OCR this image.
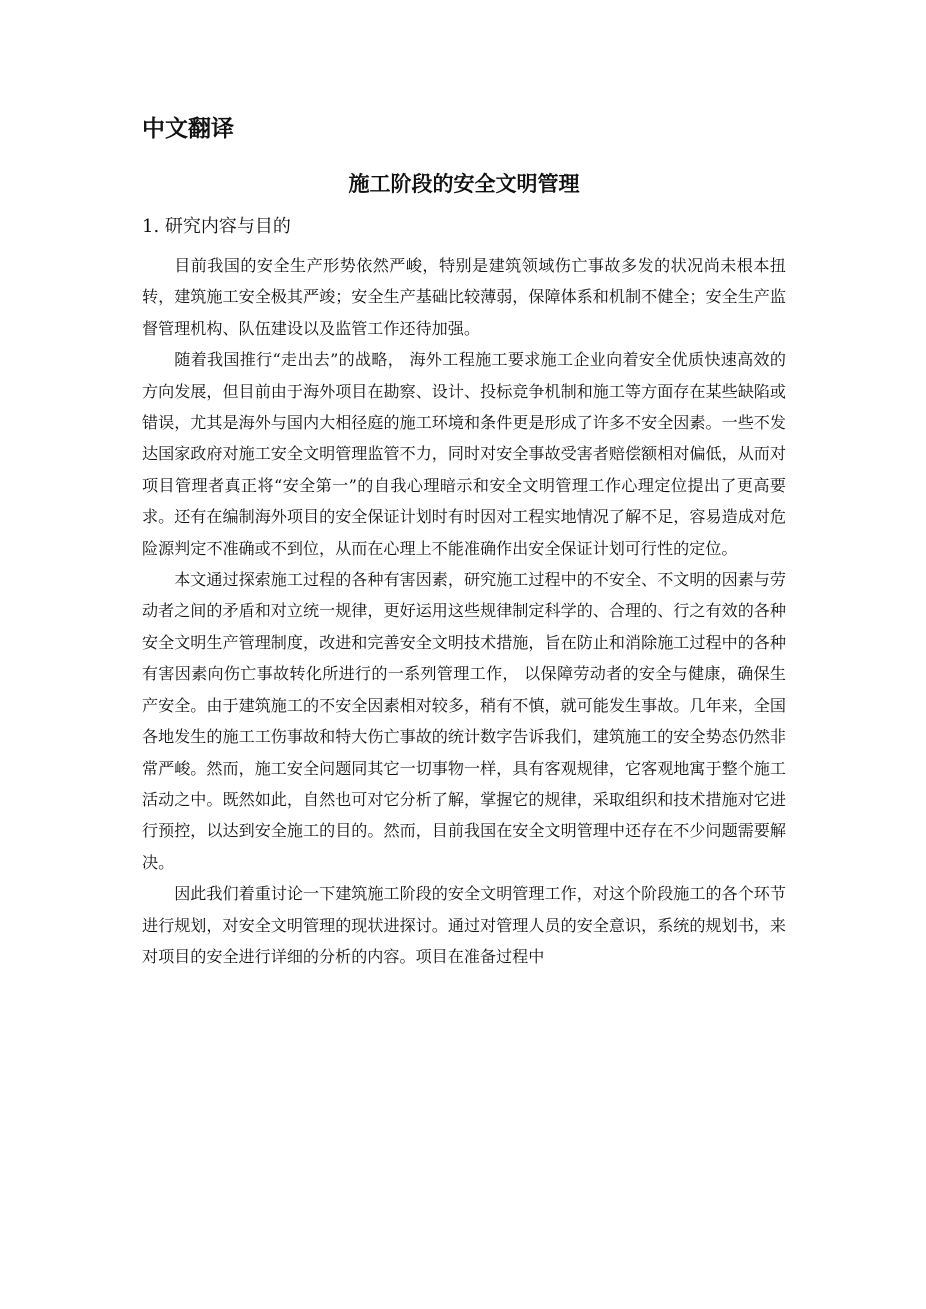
中文翻译
施工阶段的安全文明管理
1. 研究内容与目的

目前我国的安全生产形势依然严峻，特别是建筑领域伤亡事故多发的状况尚未根本扭转，建筑施工安全极其严竣；安全生产基础比较薄弱，保障体系和机制不健全；安全生产监督管理机构、队伍建设以及监管工作还待加强。

随着我国推行“走出去”的战略， 海外工程施工要求施工企业向着安全优质快速高效的方向发展，但目前由于海外项目在勘察、设计、投标竞争机制和施工等方面存在某些缺陷或错误，尤其是海外与国内大相径庭的施工环境和条件更是形成了许多不安全因素。一些不发达国家政府对施工安全文明管理监管不力，同时对安全事故受害者赔偿额相对偏低，从而对项目管理者真正将“安全第一”的自我心理暗示和安全文明管理工作心理定位提出了更高要求。还有在编制海外项目的安全保证计划时有时因对工程实地情况了解不足，容易造成对危险源判定不准确或不到位，从而在心理上不能准确作出安全保证计划可行性的定位。

本文通过探索施工过程的各种有害因素，研究施工过程中的不安全、不文明的因素与劳动者之间的矛盾和对立统一规律，更好运用这些规律制定科学的、合理的、行之有效的各种安全文明生产管理制度，改进和完善安全文明技术措施，旨在防止和消除施工过程中的各种有害因素向伤亡事故转化所进行的一系列管理工作， 以保障劳动者的安全与健康，确保生产安全。由于建筑施工的不安全因素相对较多，稍有不慎，就可能发生事故。几年来，全国各地发生的施工工伤事故和特大伤亡事故的统计数字告诉我们，建筑施工的安全势态仍然非常严峻。然而，施工安全问题同其它一切事物一样，具有客观规律，它客观地寓于整个施工活动之中。既然如此，自然也可对它分析了解，掌握它的规律，采取组织和技术措施对它进行预控，以达到安全施工的目的。然而，目前我国在安全文明管理中还存在不少问题需要解决。

因此我们着重讨论一下建筑施工阶段的安全文明管理工作，对这个阶段施工的各个环节进行规划，对安全文明管理的现状进探讨。通过对管理人员的安全意识，系统的规划书，来对项目的安全进行详细的分析的内容。项目在准备过程中
